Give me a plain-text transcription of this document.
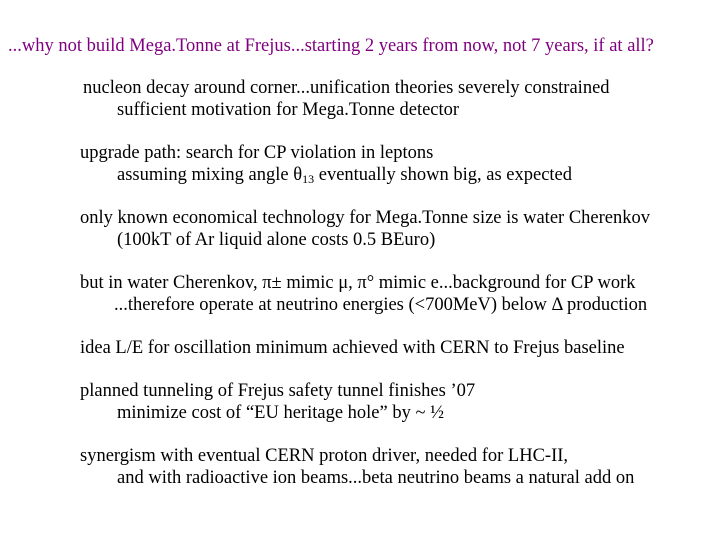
...why not build Mega.Tonne at Frejus...starting 2 years from now, not 7 years, if at all?
nucleon decay around corner...unification theories severely constrained
sufficient motivation for Mega.Tonne detector
upgrade path: search for CP violation in leptons
assuming mixing angle $\theta_{13}$ eventually shown big, as expected
only known economical technology for Mega.Tonne size is water Cherenkov
(100kT of Ar liquid alone costs 0.5 BEuro)
but in water Cherenkov, π± mimic μ, π° mimic e...background for CP work
...therefore operate at neutrino energies (<700MeV) below Δ production
idea L/E for oscillation minimum achieved with CERN to Frejus baseline
planned tunneling of Frejus safety tunnel finishes ’07
minimize cost of “EU heritage hole” by ~ ½
synergism with eventual CERN proton driver, needed for LHC-II,
and with radioactive ion beams...beta neutrino beams a natural add on
